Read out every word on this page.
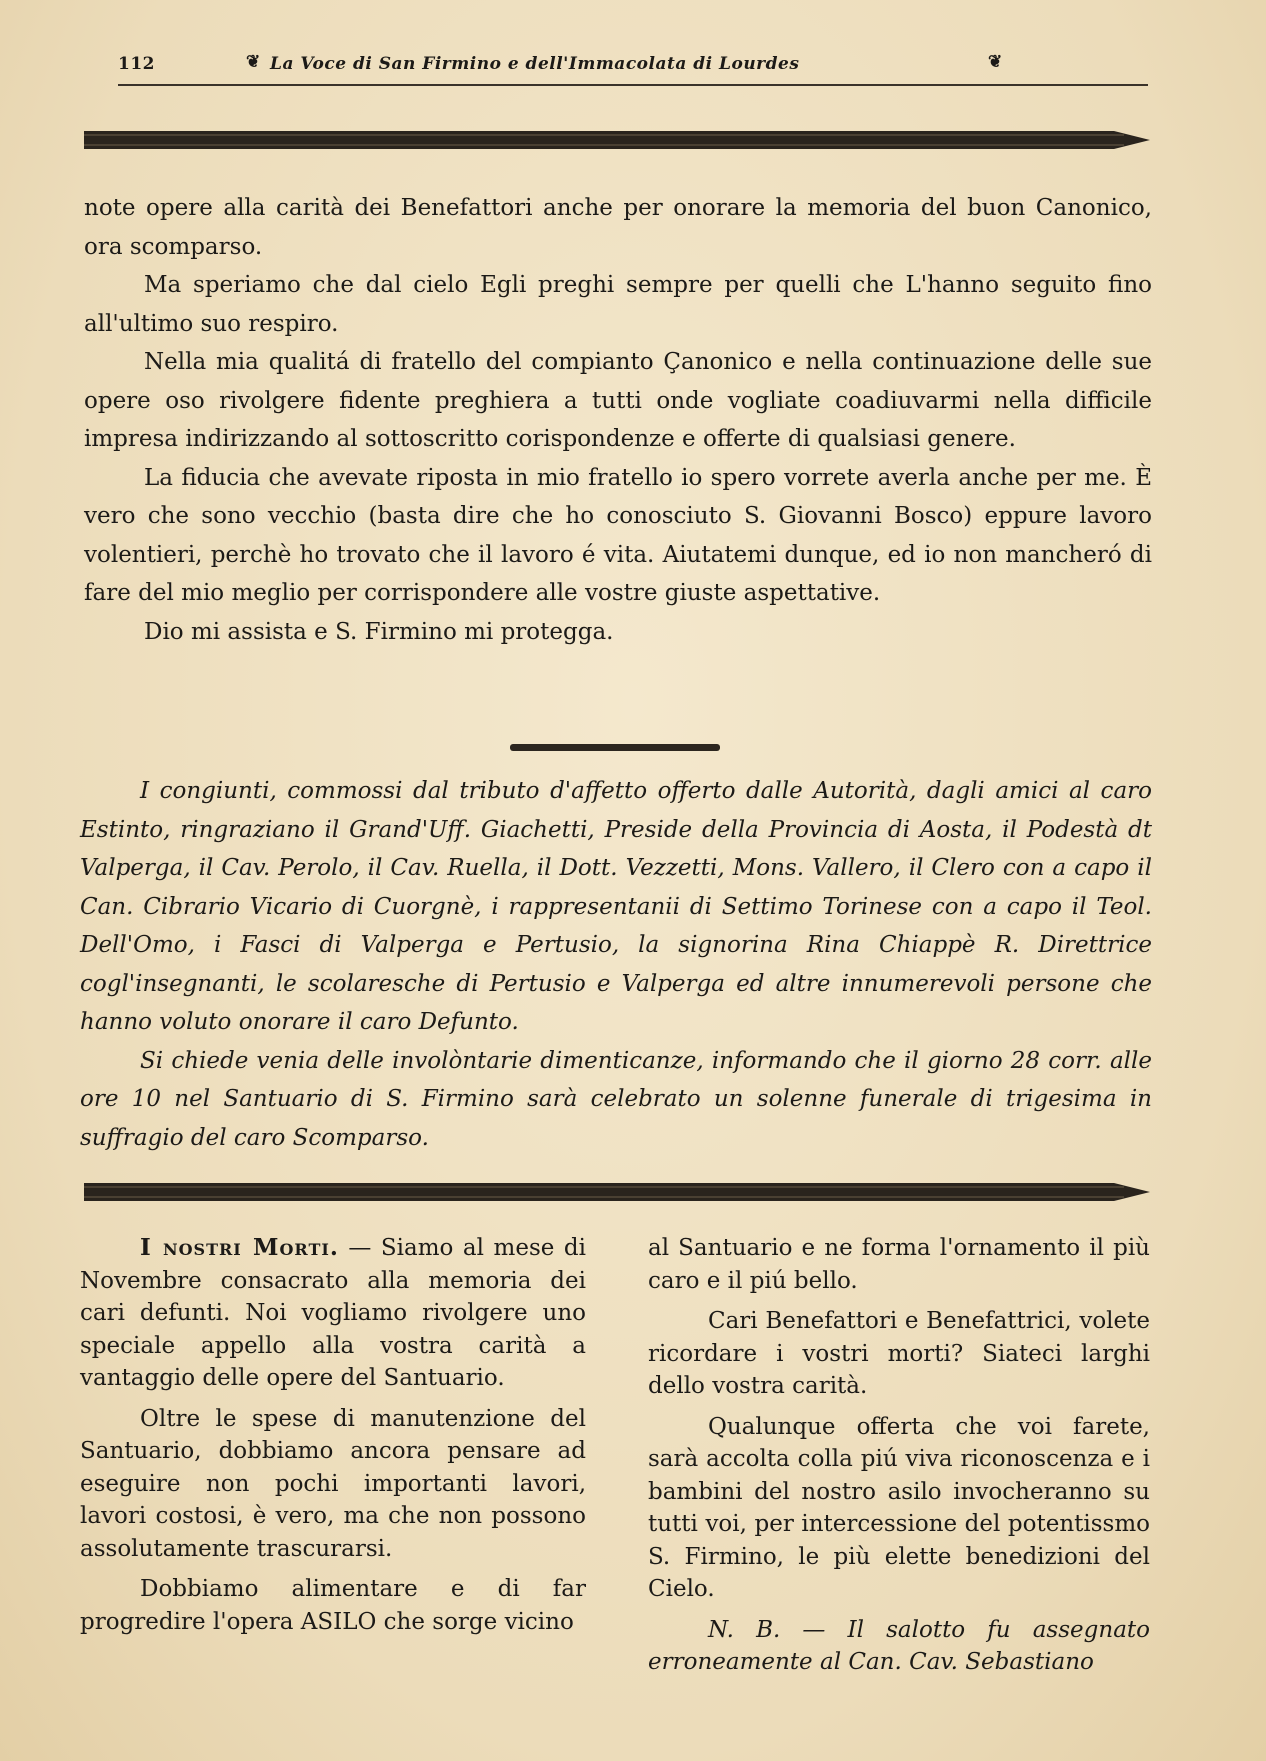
112	❦ La Voce di San Firmino e dell'Immacolata di Lourdes	❦

note opere alla carità dei Benefattori anche per onorare la memoria del buon Canonico, ora scomparso.

Ma speriamo che dal cielo Egli preghi sempre per quelli che L'hanno seguito fino all'ultimo suo respiro.

Nella mia qualitá di fratello del compianto Çanonico e nella continuazione delle sue opere oso rivolgere fidente preghiera a tutti onde vogliate coadiuvarmi nella difficile impresa indirizzando al sottoscritto corispondenze e offerte di qualsiasi genere.

La fiducia che avevate riposta in mio fratello io spero vorrete averla anche per me. È vero che sono vecchio (basta dire che ho conosciuto S. Giovanni Bosco) eppure lavoro volentieri, perchè ho trovato che il lavoro é vita. Aiutatemi dunque, ed io non mancheró di fare del mio meglio per corrispondere alle vostre giuste aspettative.

Dio mi assista e S. Firmino mi protegga.

I congiunti, commossi dal tributo d'affetto offerto dalle Autorità, dagli amici al caro Estinto, ringraziano il Grand'Uff. Giachetti, Preside della Provincia di Aosta, il Podestà dt Valperga, il Cav. Perolo, il Cav. Ruella, il Dott. Vezzetti, Mons. Vallero, il Clero con a capo il Can. Cibrario Vicario di Cuorgnè, i rappresentanii di Settimo Torinese con a capo il Teol. Dell'Omo, i Fasci di Valperga e Pertusio, la signorina Rina Chiappè R. Direttrice cogl'insegnanti, le scolaresche di Pertusio e Valperga ed altre innumerevoli persone che hanno voluto onorare il caro Defunto.

Si chiede venia delle involòntarie dimenticanze, informando che il giorno 28 corr. alle ore 10 nel Santuario di S. Firmino sarà celebrato un solenne funerale di trigesima in suffragio del caro Scomparso.

I nostri Morti. — Siamo al mese di Novembre consacrato alla memoria dei cari defunti. Noi vogliamo rivolgere uno speciale appello alla vostra carità a vantaggio delle opere del Santuario.

Oltre le spese di manutenzione del Santuario, dobbiamo ancora pensare ad eseguire non pochi importanti lavori, lavori costosi, è vero, ma che non possono assolutamente trascurarsi.

Dobbiamo alimentare e di far progredire l'opera ASILO che sorge vicino

al Santuario e ne forma l'ornamento il più caro e il piú bello.

Cari Benefattori e Benefattrici, volete ricordare i vostri morti? Siateci larghi dello vostra carità.

Qualunque offerta che voi farete, sarà accolta colla piú viva riconoscenza e i bambini del nostro asilo invocheranno su tutti voi, per intercessione del potentissmo S. Firmino, le più elette benedizioni del Cielo.

N. B. — Il salotto fu assegnato erroneamente al Can. Cav. Sebastiano
